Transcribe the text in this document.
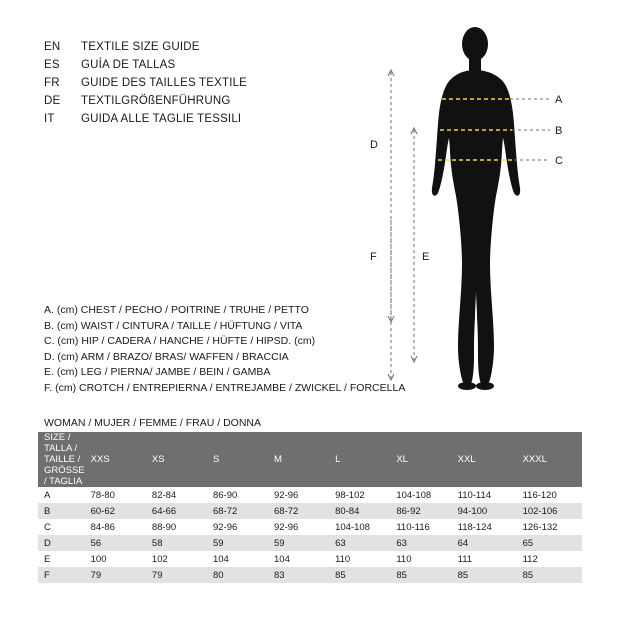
EN	TEXTILE SIZE GUIDE
ES	GUÍA DE TALLAS
FR	GUIDE DES TAILLES TEXTILE
DE	TEXTILGRÖßENFÜHRUNG
IT	GUIDA ALLE TAGLIE TESSILI
A. (cm) CHEST / PECHO / POITRINE / TRUHE / PETTO
B. (cm) WAIST / CINTURA / TAILLE / HÜFTUNG / VITA
C. (cm) HIP / CADERA / HANCHE / HÜFTE / HIPSD. (cm)
D. (cm) ARM / BRAZO/ BRAS/ WAFFEN / BRACCIA
E. (cm) LEG / PIERNA/ JAMBE / BEIN / GAMBA
F. (cm) CROTCH / ENTREPIERNA / ENTREJAMBE / ZWICKEL / FORCELLA
WOMAN / MUJER / FEMME / FRAU / DONNA
A
B
C
D
E
F
SIZE / TALLA / TAILLE / GRÖSSE / TAGLIA	XXS	XS	S	M	L	XL	XXL	XXXL
A	78-80	82-84	86-90	92-96	98-102	104-108	110-114	116-120
B	60-62	64-66	68-72	68-72	80-84	86-92	94-100	102-106
C	84-86	88-90	92-96	92-96	104-108	110-116	118-124	126-132
D	56	58	59	59	63	63	64	65
E	100	102	104	104	110	110	111	112
F	79	79	80	83	85	85	85	85
